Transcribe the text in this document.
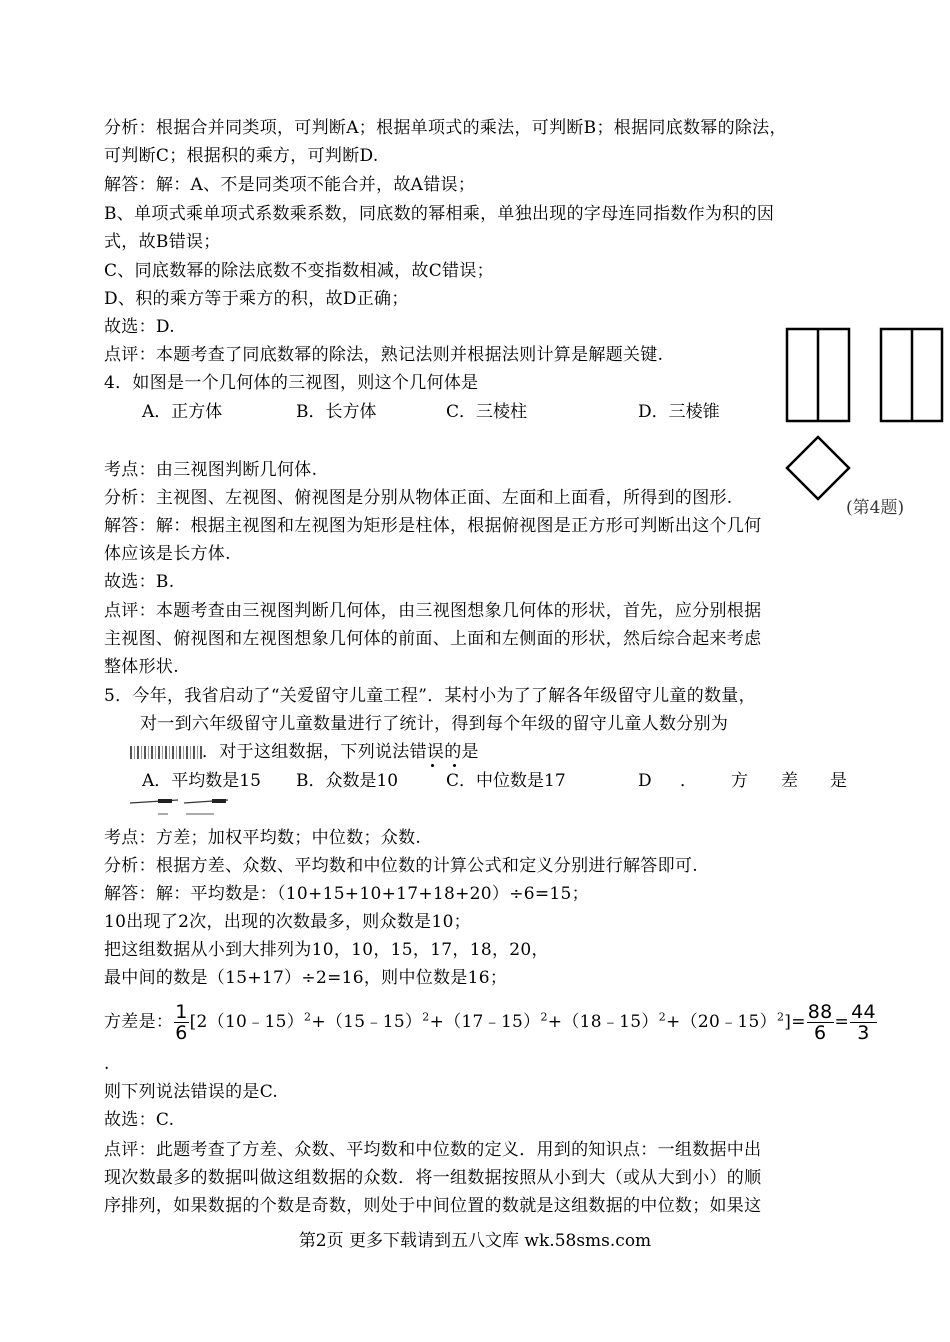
分析：根据合并同类项，可判断A；根据单项式的乘法，可判断B；根据同底数幂的除法，
可判断C；根据积的乘方，可判断D.
解答：解：A、不是同类项不能合并，故A错误；
B、单项式乘单项式系数乘系数，同底数的幂相乘，单独出现的字母连同指数作为积的因
式，故B错误；
C、同底数幂的除法底数不变指数相减，故C错误；
D、积的乘方等于乘方的积，故D正确；
故选：D.
点评：本题考查了同底数幂的除法，熟记法则并根据法则计算是解题关键.
4．如图是一个几何体的三视图，则这个几何体是
A．正方体	B．长方体	C．三棱柱	D．三棱锥
(第4题)
考点：由三视图判断几何体.
分析：主视图、左视图、俯视图是分别从物体正面、左面和上面看，所得到的图形.
解答：解：根据主视图和左视图为矩形是柱体，根据俯视图是正方形可判断出这个几何
体应该是长方体.
故选：B.
点评：本题考查由三视图判断几何体，由三视图想象几何体的形状，首先，应分别根据
主视图、俯视图和左视图想象几何体的前面、上面和左侧面的形状，然后综合起来考虑
整体形状.
5．今年，我省启动了“关爱留守儿童工程”．某村小为了了解各年级留守儿童的数量，
对一到六年级留守儿童数量进行了统计，得到每个年级的留守儿童人数分别为
．对于这组数据，下列说法错误的是
A．平均数是15 B．众数是10	C．中位数是17	D ． 方 差 是
考点：方差；加权平均数；中位数；众数.
分析：根据方差、众数、平均数和中位数的计算公式和定义分别进行解答即可.
解答：解：平均数是：（10+15+10+17+18+20）÷6=15；
10出现了2次，出现的次数最多，则众数是10；
把这组数据从小到大排列为10，10，15，17，18，20，
最中间的数是（15+17）÷2=16，则中位数是16；
方差是： $\frac{1}{6}$ [2（10﹣15）$^2$+（15﹣15）$^2$+（17﹣15）$^2$+（18﹣15）$^2$+（20﹣15）$^2$]= $\frac{88}{6} = \frac{44}{3}$
.
则下列说法错误的是C.
故选：C.
点评：此题考查了方差、众数、平均数和中位数的定义．用到的知识点：一组数据中出
现次数最多的数据叫做这组数据的众数．将一组数据按照从小到大（或从大到小）的顺
序排列，如果数据的个数是奇数，则处于中间位置的数就是这组数据的中位数；如果这
第2页 更多下载请到五八文库 wk.58sms.com
